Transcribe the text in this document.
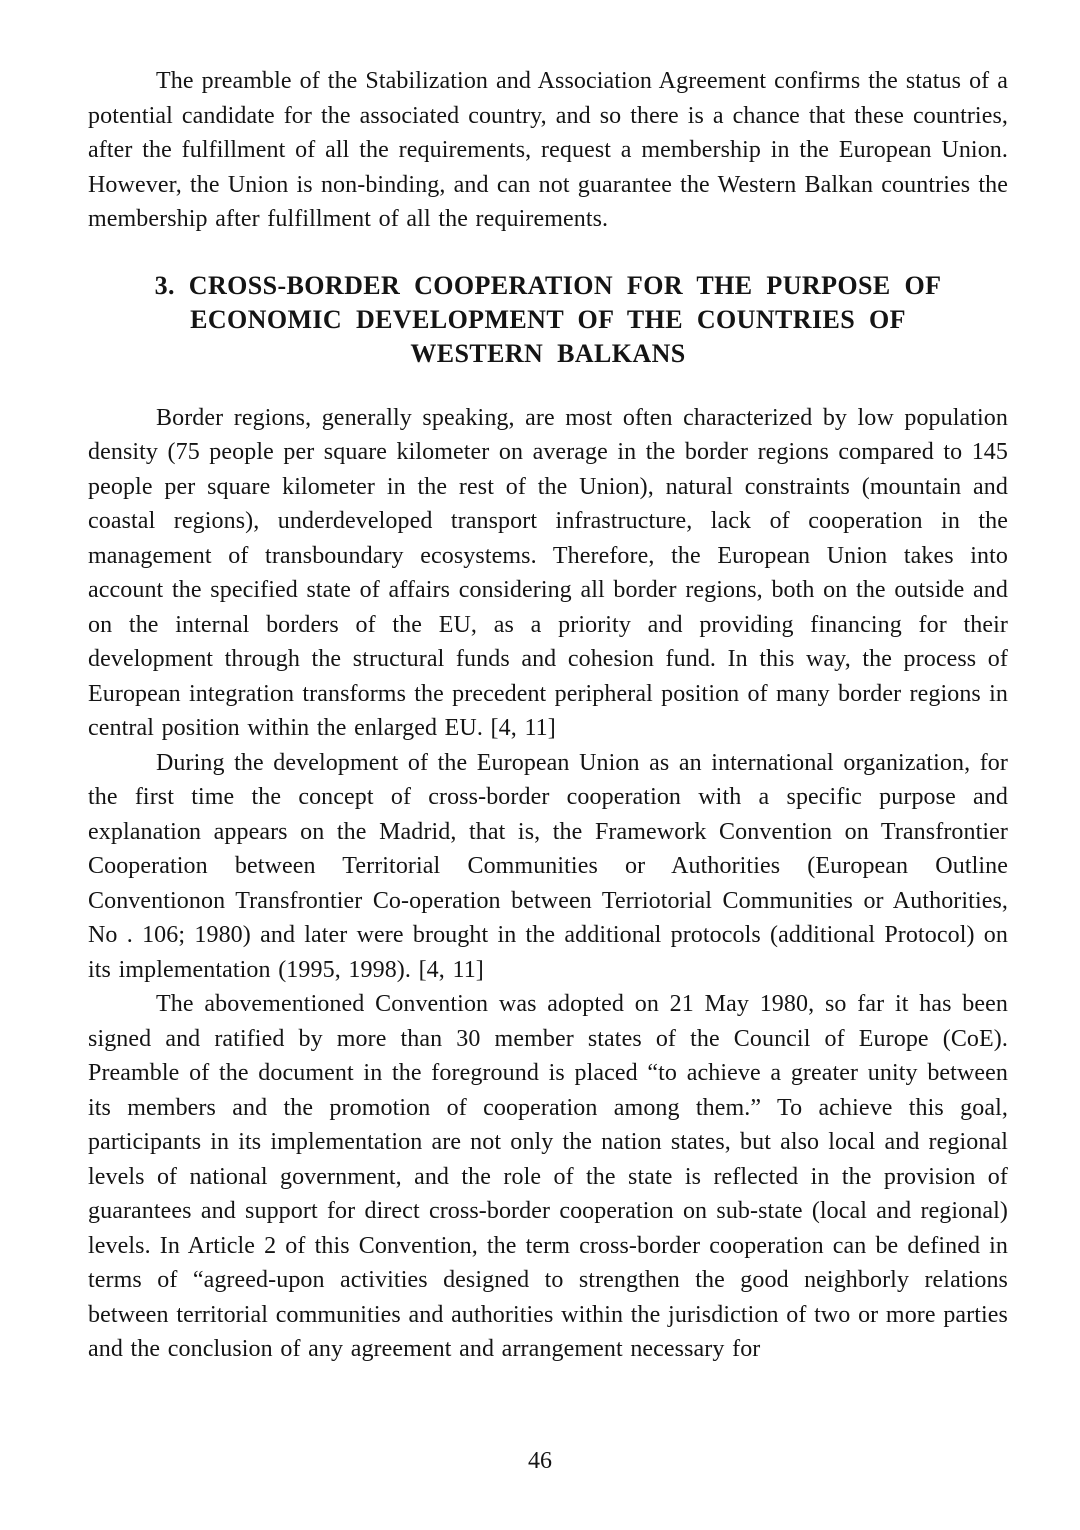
The preamble of the Stabilization and Association Agreement confirms the status of a potential candidate for the associated country, and so there is a chance that these countries, after the fulfillment of all the requirements, request a membership in the European Union. However, the Union is non-binding, and can not guarantee the Western Balkan countries the membership after fulfillment of all the requirements.

3. CROSS-BORDER COOPERATION FOR THE PURPOSE OF
ECONOMIC DEVELOPMENT OF THE COUNTRIES OF
WESTERN BALKANS

Border regions, generally speaking, are most often characterized by low population density (75 people per square kilometer on average in the border regions compared to 145 people per square kilometer in the rest of the Union), natural constraints (mountain and coastal regions), underdeveloped transport infrastructure, lack of cooperation in the management of transboundary ecosystems. Therefore, the European Union takes into account the specified state of affairs considering all border regions, both on the outside and on the internal borders of the EU, as a priority and providing financing for their development through the structural funds and cohesion fund. In this way, the process of European integration transforms the precedent peripheral position of many border regions in central position within the enlarged EU. [4, 11]

During the development of the European Union as an international organization, for the first time the concept of cross-border cooperation with a specific purpose and explanation appears on the Madrid, that is, the Framework Convention on Transfrontier Cooperation between Territorial Communities or Authorities (European Outline Conventionon Transfrontier Co-operation between Terriotorial Communities or Authorities, No . 106; 1980) and later were brought in the additional protocols (additional Protocol) on its implementation (1995, 1998). [4, 11]

The abovementioned Convention was adopted on 21 May 1980, so far it has been signed and ratified by more than 30 member states of the Council of Europe (CoE). Preamble of the document in the foreground is placed “to achieve a greater unity between its members and the promotion of cooperation among them.” To achieve this goal, participants in its implementation are not only the nation states, but also local and regional levels of national government, and the role of the state is reflected in the provision of guarantees and support for direct cross-border cooperation on sub-state (local and regional) levels. In Article 2 of this Convention, the term cross-border cooperation can be defined in terms of “agreed-upon activities designed to strengthen the good neighborly relations between territorial communities and authorities within the jurisdiction of two or more parties and the conclusion of any agreement and arrangement necessary for

46
